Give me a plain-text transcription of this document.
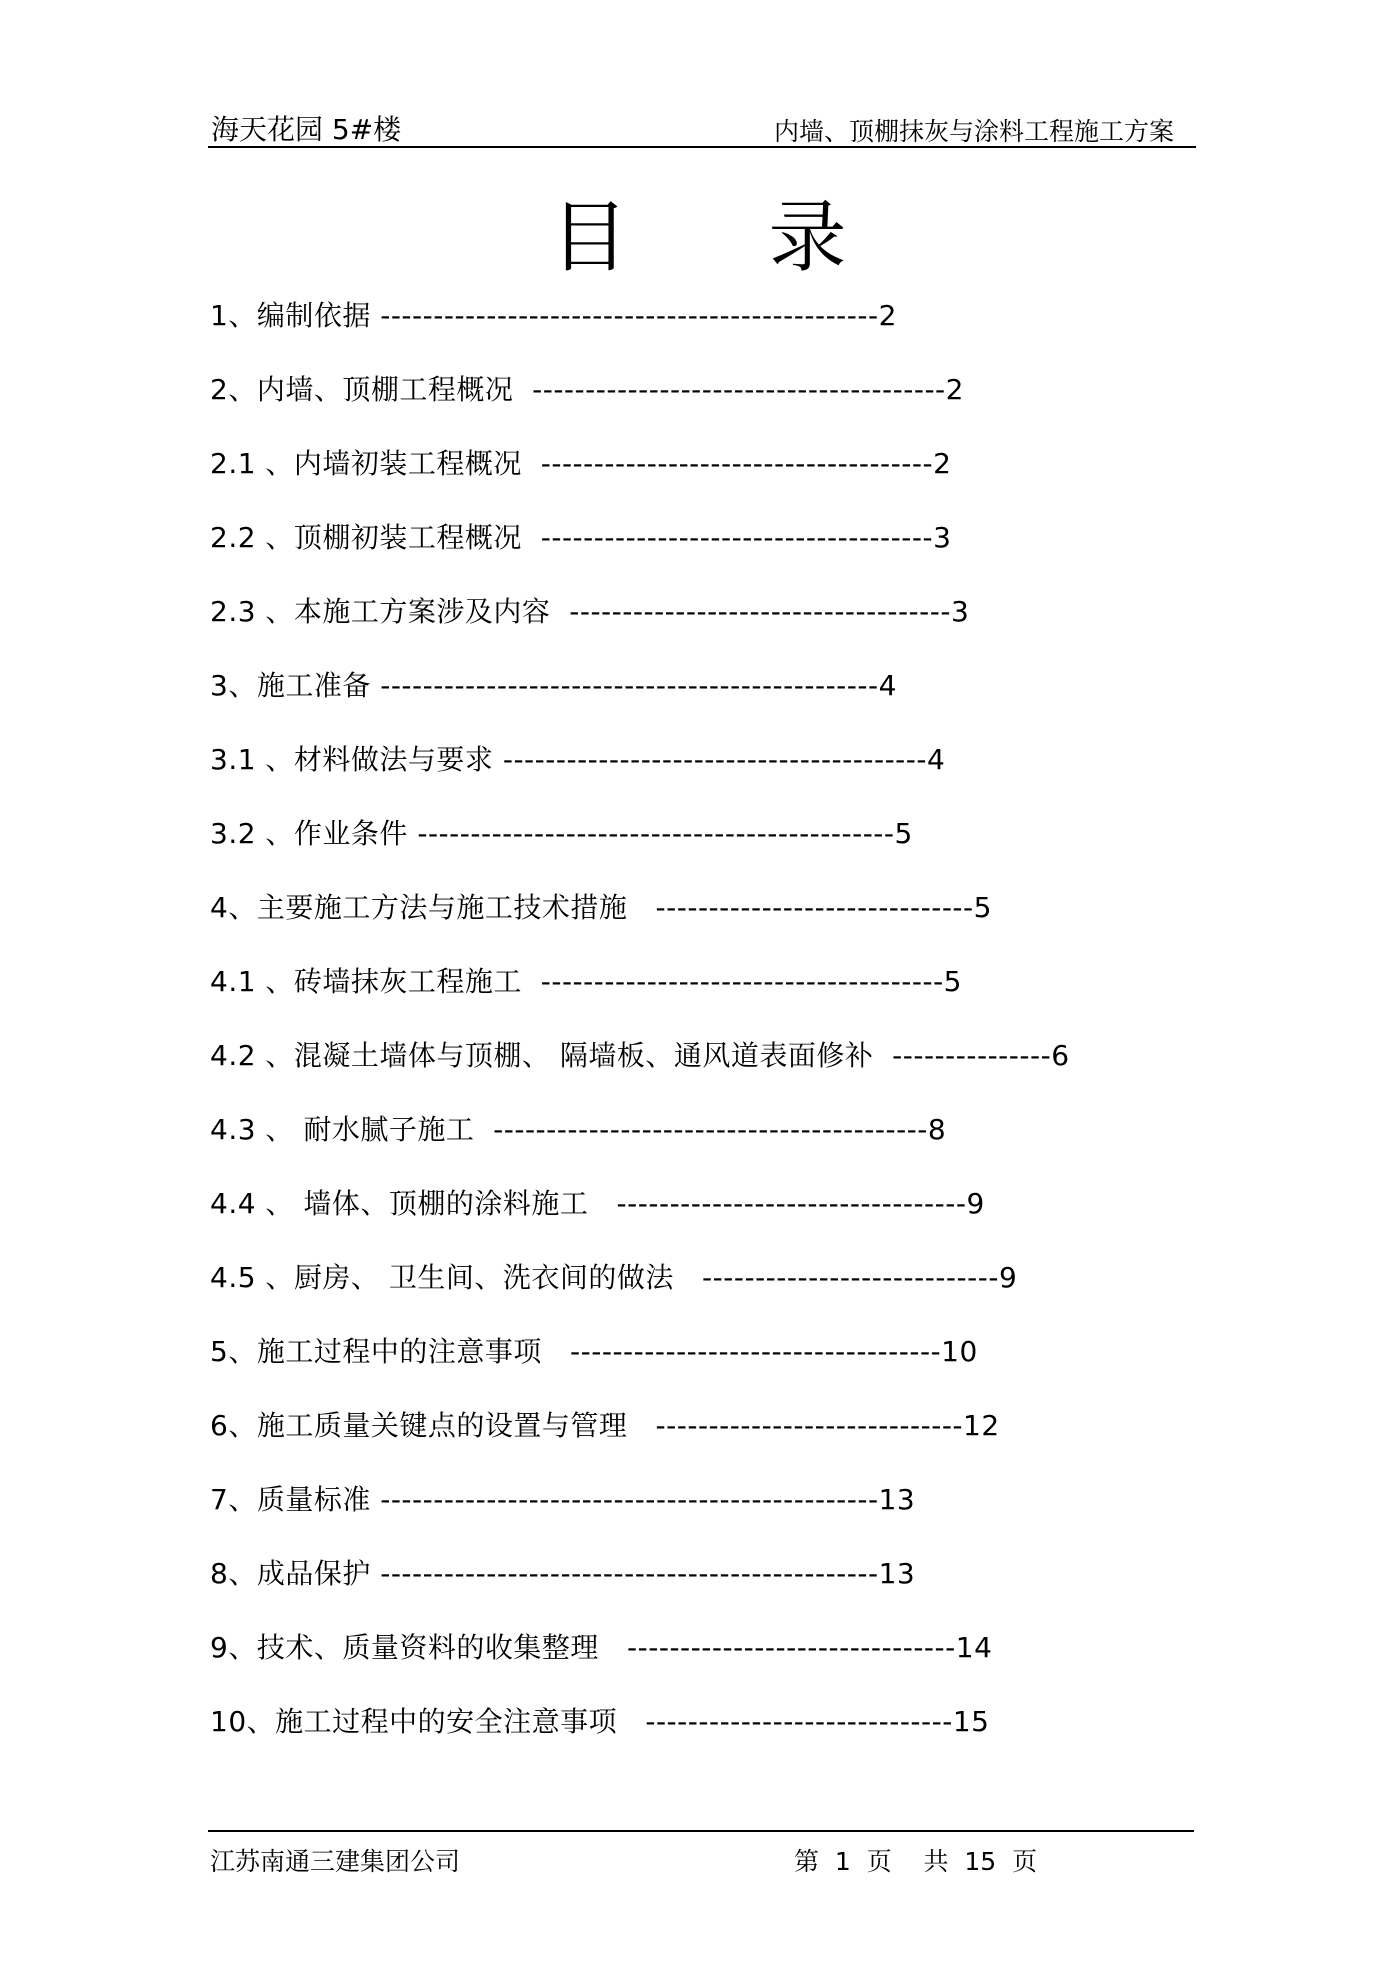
海天花园 5#楼	内墙、顶棚抹灰与涂料工程施工方案
目录
1、编制依据 -----------------------------------------------2
2、内墙、顶棚工程概况  ---------------------------------------2
2.1 、内墙初装工程概况  -------------------------------------2
2.2 、顶棚初装工程概况  -------------------------------------3
2.3 、本施工方案涉及内容  ------------------------------------3
3、施工准备 -----------------------------------------------4
3.1 、材料做法与要求 ----------------------------------------4
3.2 、作业条件 ---------------------------------------------5
4、主要施工方法与施工技术措施   ------------------------------5
4.1 、砖墙抹灰工程施工  --------------------------------------5
4.2 、混凝土墙体与顶棚、 隔墙板、通风道表面修补  ---------------6
4.3 、 耐水腻子施工  -----------------------------------------8
4.4 、 墙体、顶棚的涂料施工   ---------------------------------9
4.5 、厨房、 卫生间、洗衣间的做法   ----------------------------9
5、施工过程中的注意事项   -----------------------------------10
6、施工质量关键点的设置与管理   -----------------------------12
7、质量标准 -----------------------------------------------13
8、成品保护 -----------------------------------------------13
9、技术、质量资料的收集整理   -------------------------------14
10、施工过程中的安全注意事项   -----------------------------15
江苏南通三建集团公司	第  1  页    共  15  页
